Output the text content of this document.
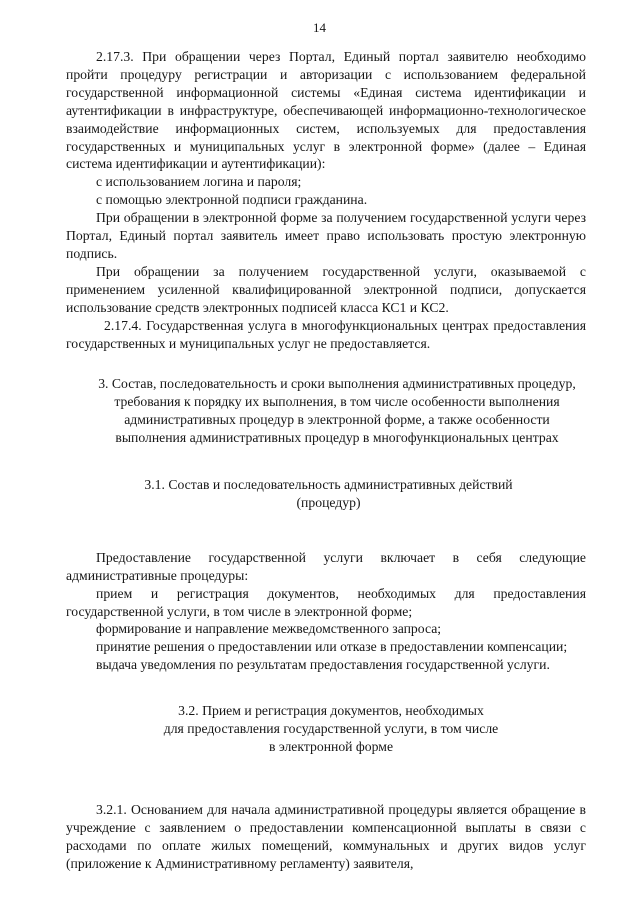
14

2.17.3. При обращении через Портал, Единый портал заявителю необходимо пройти процедуру регистрации и авторизации с использованием федеральной государственной информационной системы «Единая система идентификации и аутентификации в инфраструктуре, обеспечивающей информационно-технологическое взаимодействие информационных систем, используемых для предоставления государственных и муниципальных услуг в электронной форме» (далее – Единая система идентификации и аутентификации):

с использованием логина и пароля;

с помощью электронной подписи гражданина.

При обращении в электронной форме за получением государственной услуги через Портал, Единый портал заявитель имеет право использовать простую электронную подпись.

При обращении за получением государственной услуги, оказываемой с применением усиленной квалифицированной электронной подписи, допускается использование средств электронных подписей класса КС1 и КС2.

2.17.4. Государственная услуга в многофункциональных центрах предоставления государственных и муниципальных услуг не предоставляется.

3. Состав, последовательность и сроки выполнения административных процедур, требования к порядку их выполнения, в том числе особенности выполнения административных процедур в электронной форме, а также особенности выполнения административных процедур в многофункциональных центрах

3.1. Состав и последовательность административных действий
(процедур)

Предоставление государственной услуги включает в себя следующие административные процедуры:

прием и регистрация документов, необходимых для предоставления государственной услуги, в том числе в электронной форме;

формирование и направление межведомственного запроса;

принятие решения о предоставлении или отказе в предоставлении компенсации;

выдача уведомления по результатам предоставления государственной услуги.

3.2. Прием и регистрация документов, необходимых
для предоставления государственной услуги, в том числе
в электронной форме

3.2.1. Основанием для начала административной процедуры является обращение в учреждение с заявлением о предоставлении компенсационной выплаты в связи с расходами по оплате жилых помещений, коммунальных и других видов услуг (приложение к Административному регламенту) заявителя,
